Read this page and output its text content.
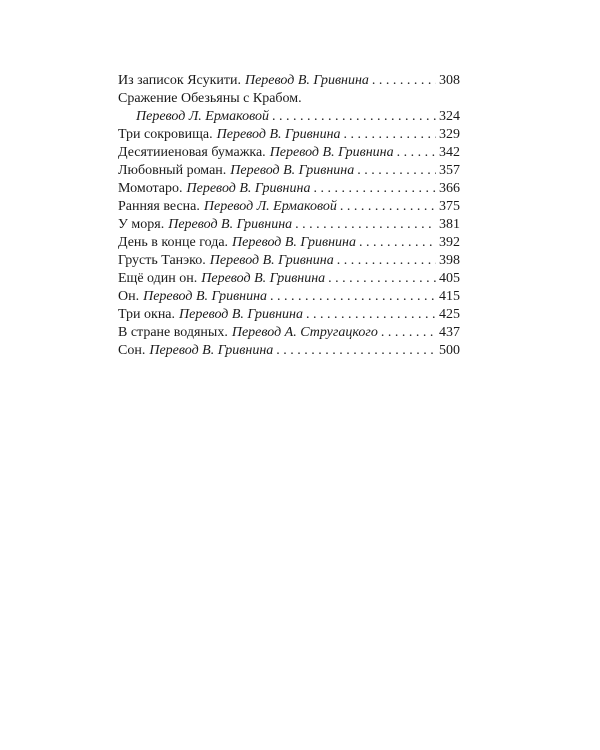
Из записок Ясукити. Перевод В. Гривнина . . .	308
Сражение Обезьяны с Крабом.
Перевод Л. Ермаковой . . .	324
Три сокровища. Перевод В. Гривнина . . .	329
Десятииеновая бумажка. Перевод В. Гривнина . . .	342
Любовный роман. Перевод В. Гривнина . . .	357
Момотаро. Перевод В. Гривнина . . .	366
Ранняя весна. Перевод Л. Ермаковой . . .	375
У моря. Перевод В. Гривнина . . .	381
День в конце года. Перевод В. Гривнина . . .	392
Грусть Танэко. Перевод В. Гривнина . . .	398
Ещё один он. Перевод В. Гривнина . . .	405
Он. Перевод В. Гривнина . . .	415
Три окна. Перевод В. Гривнина . . .	425
В стране водяных. Перевод А. Стругацкого . . .	437
Сон. Перевод В. Гривнина . . .	500
